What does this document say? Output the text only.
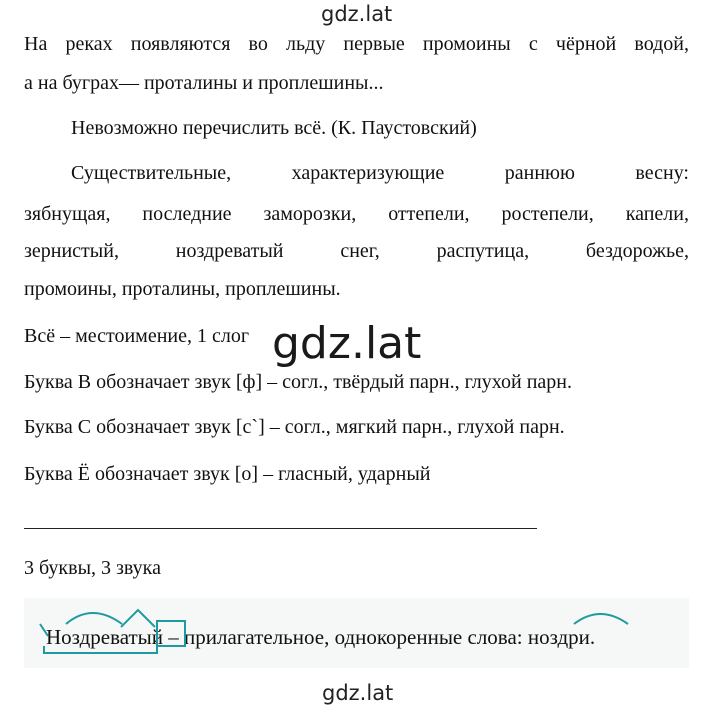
gdz.lat
На реках появляются во льду первые промоины с чёрной водой,
а на буграх— проталины и проплешины...
Невозможно перечислить всё. (К. Паустовский)
Существительные, характеризующие раннюю весну:
зябнущая, последние заморозки, оттепели, ростепели, капели,
зернистый, ноздреватый снег, распутица, бездорожье,
промоины, проталины, проплешины.
Всё – местоимение, 1 слог gdz.lat
Буква В обозначает звук [ф] – согл., твёрдый парн., глухой парн.
Буква С обозначает звук [с`] – согл., мягкий парн., глухой парн.
Буква Ё обозначает звук [о] – гласный, ударный
3 буквы, 3 звука
Ноздреватый – прилагательное, однокоренные слова: ноздри.
gdz.lat
